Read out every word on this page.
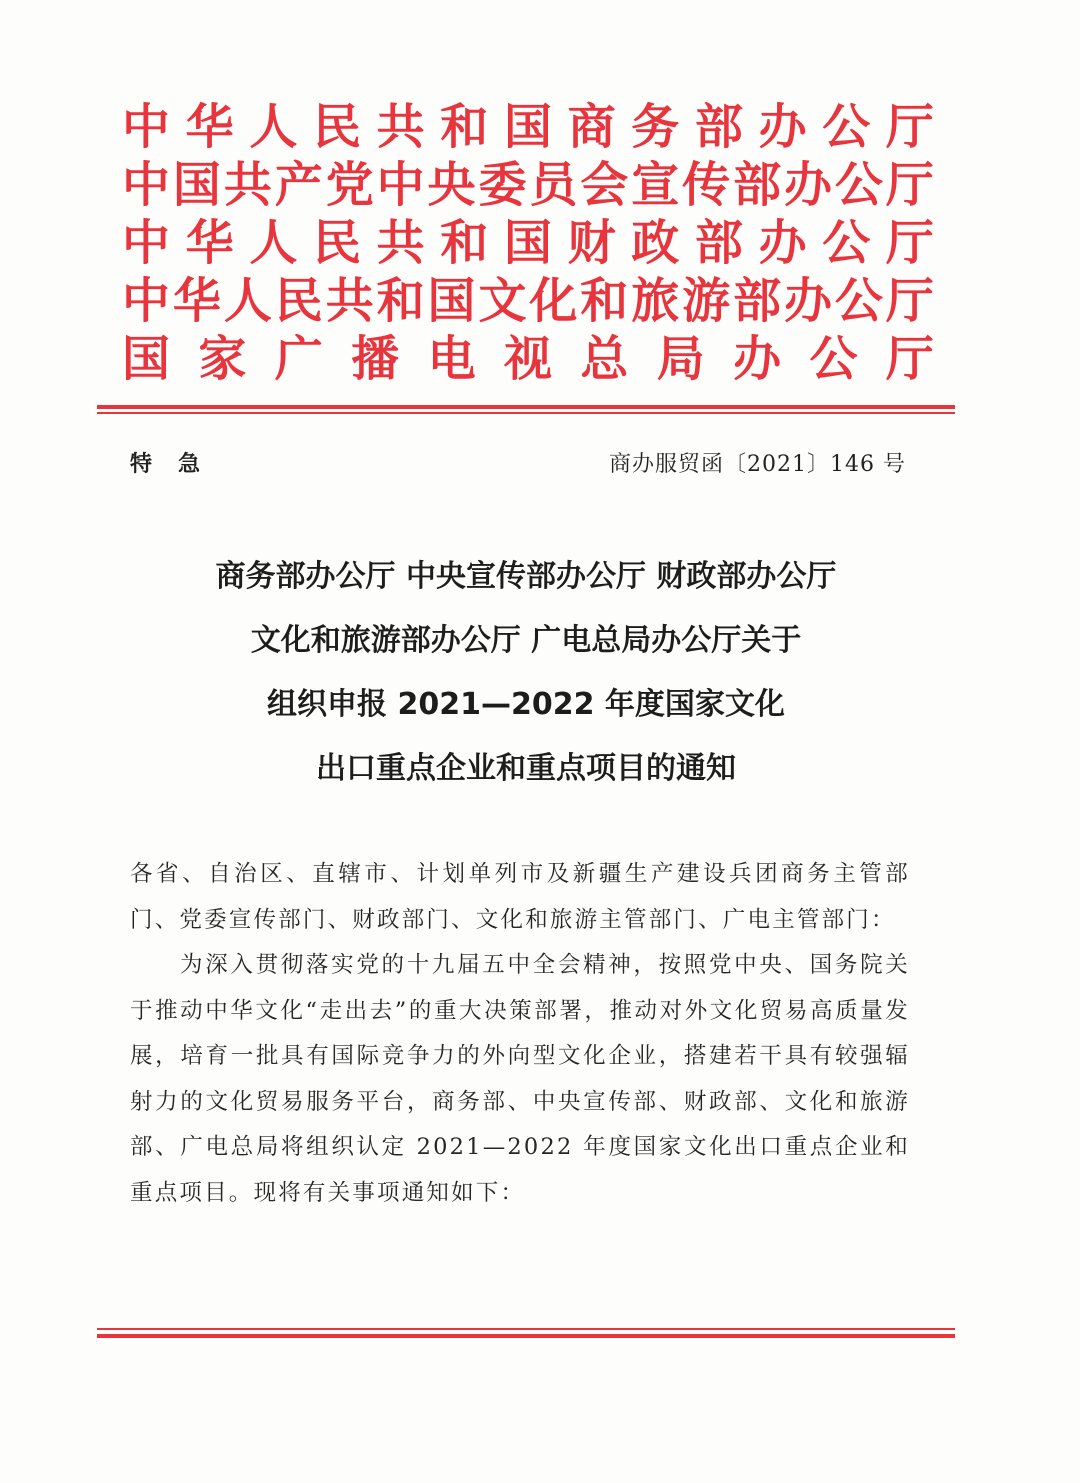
中 华 人 民 共 和 国 商 务 部 办 公 厅
中 国 共 产 党 中 央 委 员 会 宣 传 部 办 公 厅
中 华 人 民 共 和 国 财 政 部 办 公 厅
中 华 人 民 共 和 国 文 化 和 旅 游 部 办 公 厅
国 家 广 播 电 视 总 局 办 公 厅
特急	商办服贸函〔2021〕146 号
商务部办公厅 中央宣传部办公厅 财政部办公厅
文化和旅游部办公厅 广电总局办公厅关于
组织申报 2021—2022 年度国家文化
出口重点企业和重点项目的通知

各省、自治区、直辖市、计划单列市及新疆生产建设兵团商务主管部门、党委宣传部门、财政部门、文化和旅游主管部门、广电主管部门：

为深入贯彻落实党的十九届五中全会精神，按照党中央、国务院关于推动中华文化“走出去”的重大决策部署，推动对外文化贸易高质量发展，培育一批具有国际竞争力的外向型文化企业，搭建若干具有较强辐射力的文化贸易服务平台，商务部、中央宣传部、财政部、文化和旅游部、广电总局将组织认定 2021—2022 年度国家文化出口重点企业和重点项目。现将有关事项通知如下：
